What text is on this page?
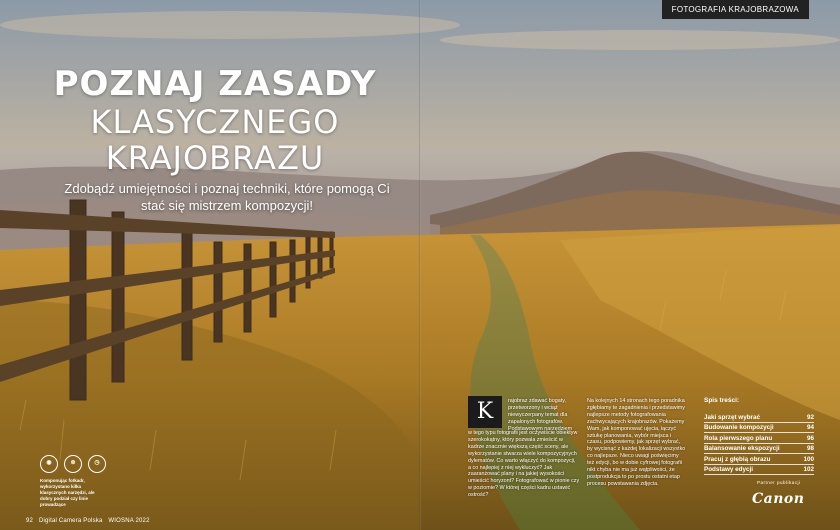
FOTOGRAFIA KRAJOBRAZOWA
POZNAJ ZASADY
KLASYCZNEGO
KRAJOBRAZU

Zdobądź umiejętności i poznaj techniki, które pomogą Ci stać się mistrzem kompozycji!

◉	⊚	◷

Komponując fotkadr, wykorzystano kilka klasycznych narzędzi, ale dobry podział czy linie prowadzące

92 Digital Camera Polska WIOSNA 2022
K	rajobraz zdawać bogaty, przetworzony i wciąż niewyczerpany temat dla zapalonych fotografów. Podstawowym narzędziem

w tego typu fotografii jest oczywiście obiektyw szerokokątny, który pozwala zmieścić w kadrze znacznie większą część sceny, ale wykorzystanie stwarza wiele kompozycyjnych dylematów. Co warto włączyć do kompozycji, a co najlepiej z niej wykluczyć? Jak zaaranżować plany i na jakiej wysokości umieścić horyzont? Fotografować w pionie czy w poziomie? W której części kadru ustawić ostrość?

Na kolejnych 14 stronach tego poradnika zgłębiamy te zagadnienia i przedstawimy najlepsze metody fotografowania zachwycających krajobrazów. Pokażemy Wam, jak komponować ujęcia, łączyć sztukę planowania, wybór miejsca i czasu, podpowiemy, jak sprzęt wybrać, by wycisnąć z każdej lokalizacji wszystko co najlepsze. Nieco uwagi poświęcimy też edycji, bo w dobie cyfrowej fotografii nikt chyba nie ma już wątpliwości, że postprodukcja to po prostu ostatni etap procesu powstawania zdjęcia.

Spis treści:
Jaki sprzęt wybrać	92
Budowanie kompozycji	94
Rola pierwszego planu	96
Balansowanie ekspozycji	98
Pracuj z głębią obrazu	100
Podstawy edycji	102
Partner publikacji
Canon
